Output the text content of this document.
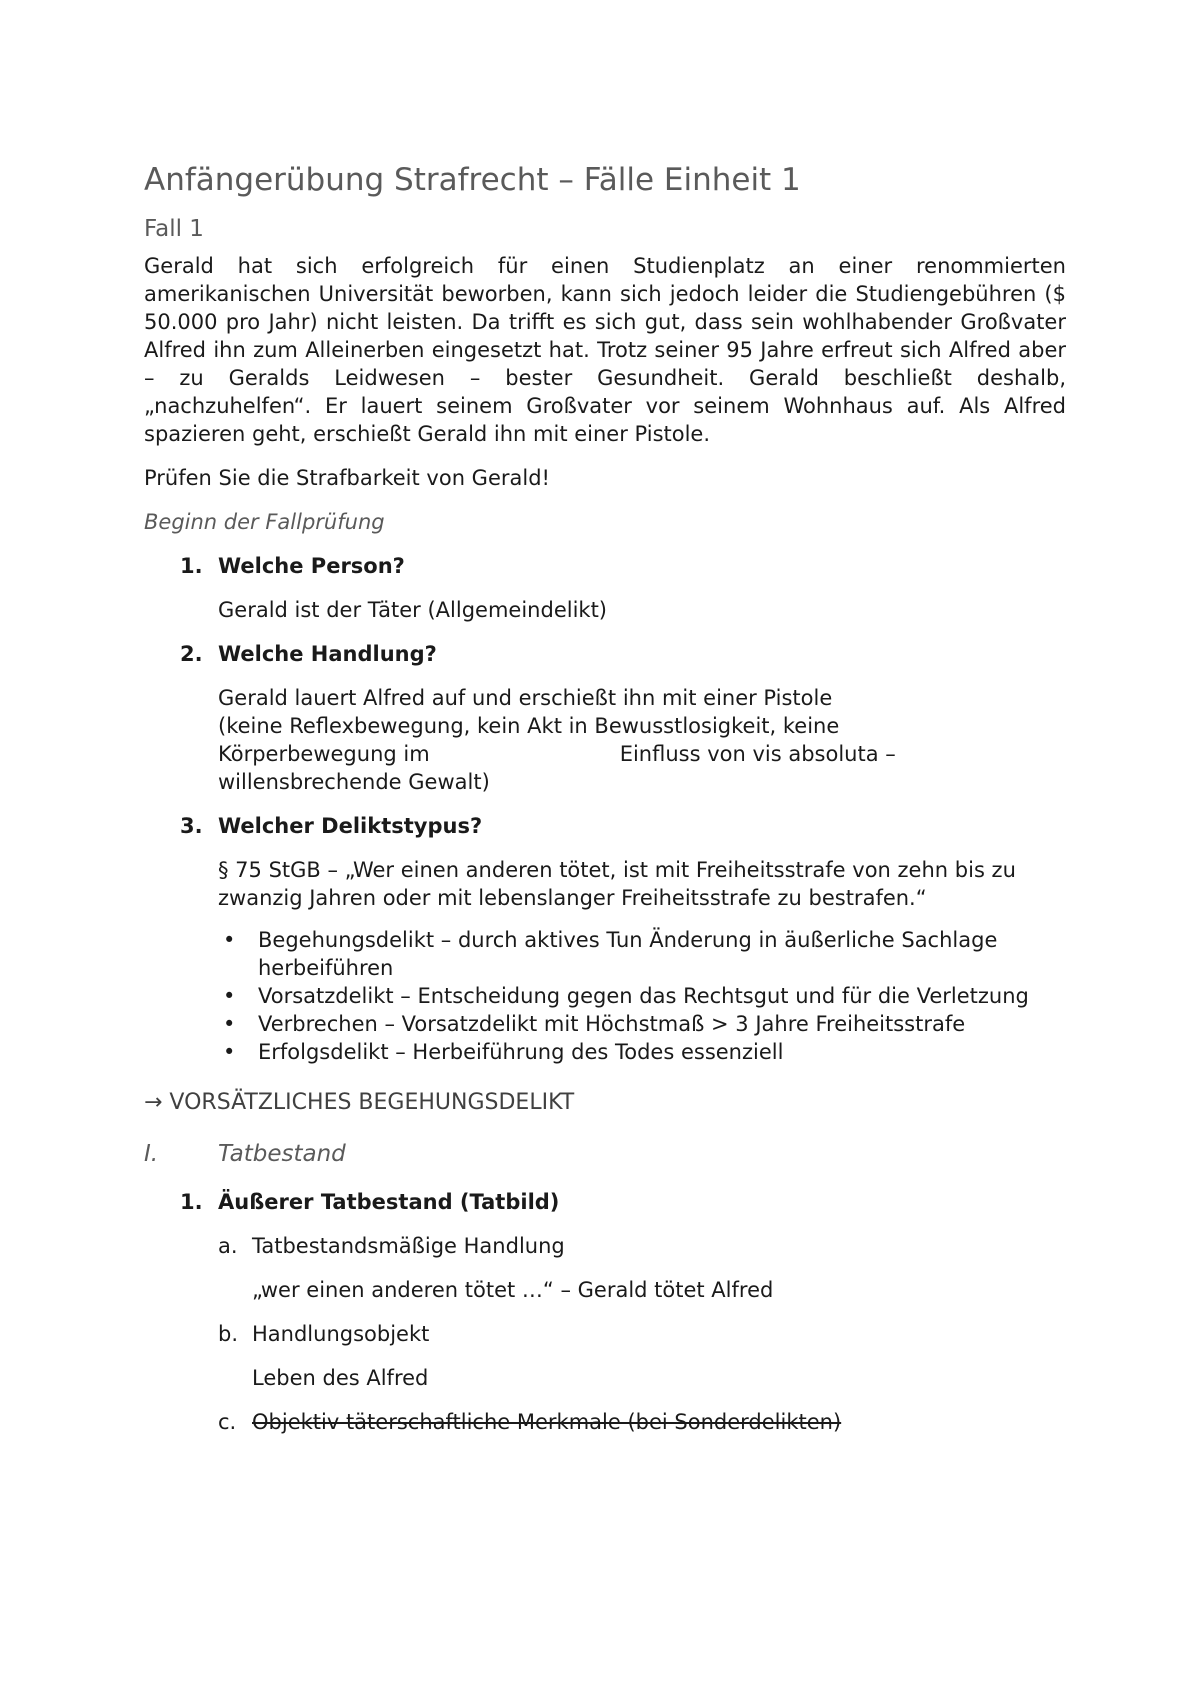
Anfängerübung Strafrecht – Fälle Einheit 1
Fall 1

Gerald hat sich erfolgreich für einen Studienplatz an einer renommierten amerikanischen Universität beworben, kann sich jedoch leider die Studiengebühren ($ 50.000 pro Jahr) nicht leisten. Da trifft es sich gut, dass sein wohlhabender Großvater Alfred ihn zum Alleinerben eingesetzt hat. Trotz seiner 95 Jahre erfreut sich Alfred aber – zu Geralds Leidwesen – bester Gesundheit. Gerald beschließt deshalb, „nachzuhelfen“. Er lauert seinem Großvater vor seinem Wohnhaus auf. Als Alfred spazieren geht, erschießt Gerald ihn mit einer Pistole.

Prüfen Sie die Strafbarkeit von Gerald!

Beginn der Fallprüfung

1. Welche Person?

Gerald ist der Täter (Allgemeindelikt)

2. Welche Handlung?
Gerald lauert Alfred auf und erschießt ihn mit einer Pistole
(keine Reflexbewegung, kein Akt in Bewusstlosigkeit, keine
Körperbewegung im	Einfluss von vis absoluta –
willensbrechende Gewalt)
3. Welcher Deliktstypus?

§ 75 StGB – „Wer einen anderen tötet, ist mit Freiheitsstrafe von zehn bis zu zwanzig Jahren oder mit lebenslanger Freiheitsstrafe zu bestrafen.“

• Begehungsdelikt – durch aktives Tun Änderung in äußerliche Sachlage herbeiführen
• Vorsatzdelikt – Entscheidung gegen das Rechtsgut und für die Verletzung
• Verbrechen – Vorsatzdelikt mit Höchstmaß > 3 Jahre Freiheitsstrafe
• Erfolgsdelikt – Herbeiführung des Todes essenziell
→ VORSÄTZLICHES BEGEHUNGSDELIKT
I.	Tatbestand
1. Äußerer Tatbestand (Tatbild)
a. Tatbestandsmäßige Handlung

„wer einen anderen tötet …“ – Gerald tötet Alfred

b. Handlungsobjekt

Leben des Alfred

c. Objektiv täterschaftliche Merkmale (bei Sonderdelikten)
